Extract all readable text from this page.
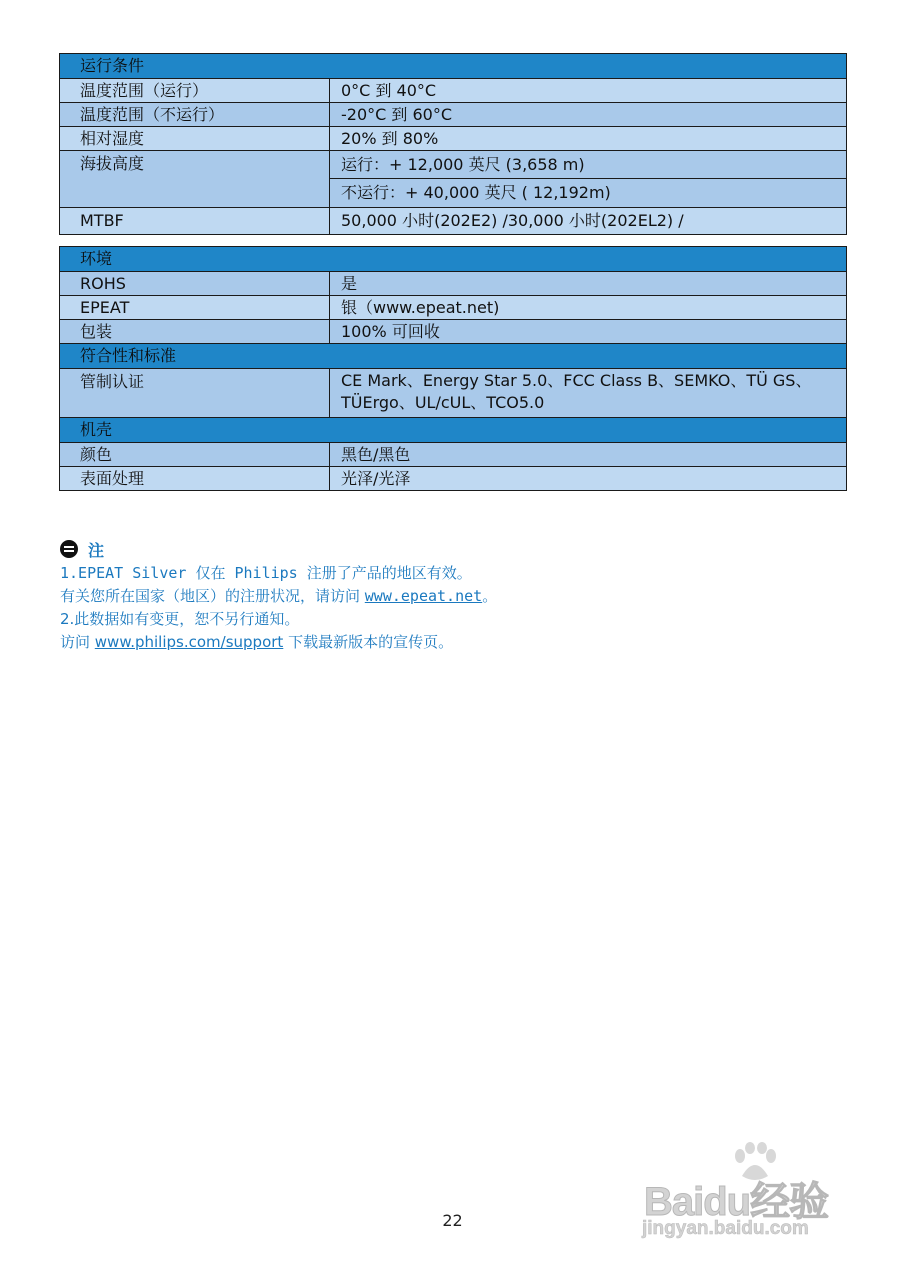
运行条件	
温度范围（运行）	0°C 到 40°C
温度范围（不运行）	-20°C 到 60°C
相对湿度	20% 到 80%
海拔高度	运行：+ 12,000 英尺 (3,658 m)
	不运行：+ 40,000 英尺 ( 12,192m)
MTBF	50,000 小时(202E2) /30,000 小时(202EL2) /
环境	
ROHS	是
EPEAT	银（www.epeat.net)
包装	100% 可回收
符合性和标准	
管制认证	CE Mark、Energy Star 5.0、FCC Class B、SEMKO、TÜ GS、
TÜErgo、UL/cUL、TCO5.0

机壳	
颜色	黑色/黑色
表面处理	光泽/光泽
注
1.EPEAT Silver 仅在 Philips 注册了产品的地区有效。
有关您所在国家（地区）的注册状况，请访问 www.epeat.net。
2.此数据如有变更，恕不另行通知。
访问 www.philips.com/support 下载最新版本的宣传页。
22	Baidu经验
jingyan.baidu.com
